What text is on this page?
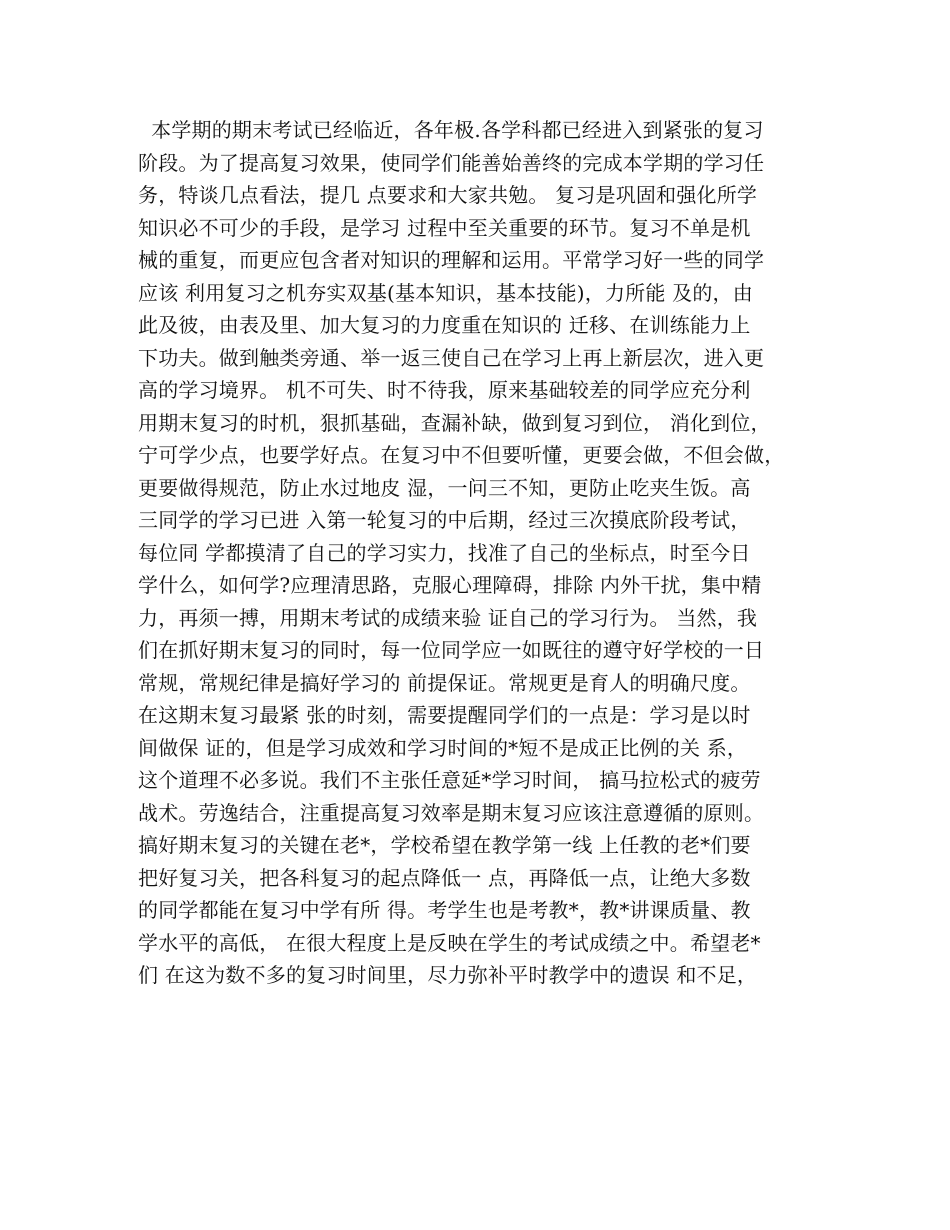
本学期的期末考试已经临近，各年极.各学科都已经进入到紧张的复习
阶段。为了提高复习效果，使同学们能善始善终的完成本学期的学习任
务，特谈几点看法，提几 点要求和大家共勉。 复习是巩固和强化所学
知识必不可少的手段，是学习 过程中至关重要的环节。复习不单是机
械的重复，而更应包含者对知识的理解和运用。平常学习好一些的同学
应该 利用复习之机夯实双基(基本知识，基本技能)，力所能 及的，由
此及彼，由表及里、加大复习的力度重在知识的 迁移、在训练能力上
下功夫。做到触类旁通、举一返三使自己在学习上再上新层次，进入更
高的学习境界。 机不可失、时不待我，原来基础较差的同学应充分利
用期末复习的时机，狠抓基础，查漏补缺，做到复习到位， 消化到位，
宁可学少点，也要学好点。在复习中不但要听懂，更要会做，不但会做，
更要做得规范，防止水过地皮 湿，一问三不知，更防止吃夹生饭。高
三同学的学习已进 入第一轮复习的中后期，经过三次摸底阶段考试，
每位同 学都摸清了自己的学习实力，找准了自己的坐标点，时至今日
学什么，如何学?应理清思路，克服心理障碍，排除 内外干扰，集中精
力，再须一搏，用期末考试的成绩来验 证自己的学习行为。 当然，我
们在抓好期末复习的同时，每一位同学应一如既往的遵守好学校的一日
常规，常规纪律是搞好学习的 前提保证。常规更是育人的明确尺度。
在这期末复习最紧 张的时刻，需要提醒同学们的一点是：学习是以时
间做保 证的，但是学习成效和学习时间的*短不是成正比例的关 系，
这个道理不必多说。我们不主张任意延*学习时间， 搞马拉松式的疲劳
战术。劳逸结合，注重提高复习效率是期末复习应该注意遵循的原则。
搞好期末复习的关键在老*，学校希望在教学第一线 上任教的老*们要
把好复习关，把各科复习的起点降低一 点，再降低一点，让绝大多数
的同学都能在复习中学有所 得。考学生也是考教*，教*讲课质量、教
学水平的高低， 在很大程度上是反映在学生的考试成绩之中。希望老*
们 在这为数不多的复习时间里，尽力弥补平时教学中的遗误 和不足，
